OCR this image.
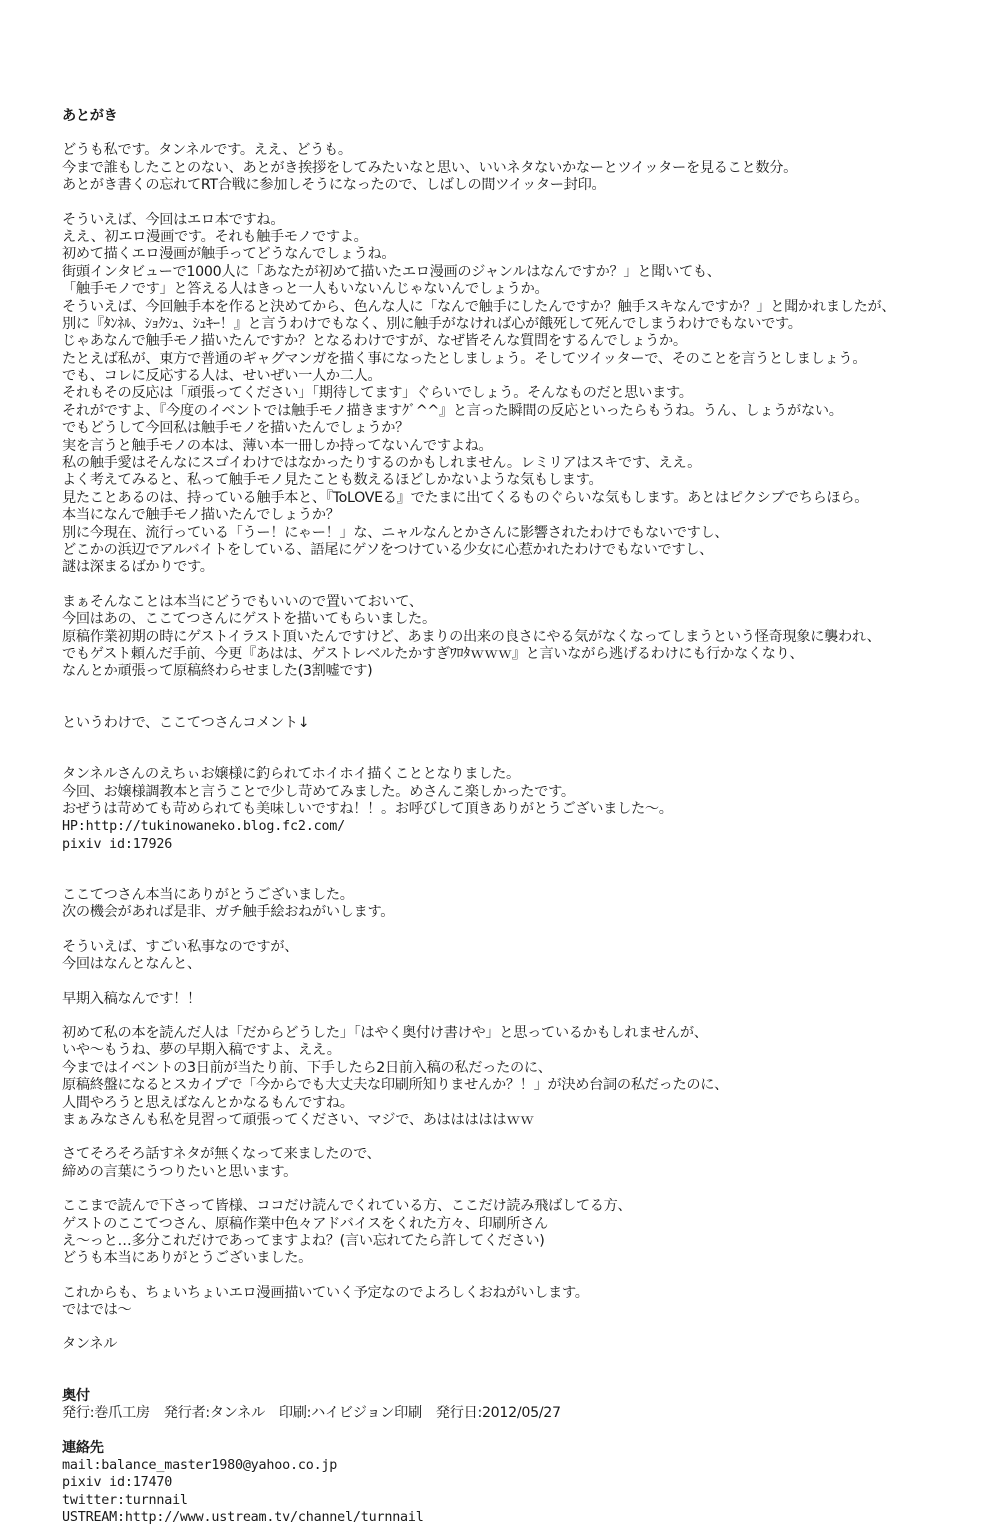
あとがき
どうも私です。タンネルです。ええ、どうも。
今まで誰もしたことのない、あとがき挨拶をしてみたいなと思い、いいネタないかなーとツイッターを見ること数分。
あとがき書くの忘れてRT合戦に参加しそうになったので、しばしの間ツイッター封印。
そういえば、今回はエロ本ですね。
ええ、初エロ漫画です。それも触手モノですよ。
初めて描くエロ漫画が触手ってどうなんでしょうね。
街頭インタビューで1000人に「あなたが初めて描いたエロ漫画のジャンルはなんですか？」と聞いても、
「触手モノです」と答える人はきっと一人もいないんじゃないんでしょうか。
そういえば、今回触手本を作ると決めてから、色んな人に「なんで触手にしたんですか？触手スキなんですか？」と聞かれましたが、
別に『ﾀﾝﾈﾙ、ｼｮｸｼｭ、ｼｭｷｰ！』と言うわけでもなく、別に触手がなければ心が餓死して死んでしまうわけでもないです。
じゃあなんで触手モノ描いたんですか？となるわけですが、なぜ皆そんな質問をするんでしょうか。
たとえば私が、東方で普通のギャグマンガを描く事になったとしましょう。そしてツイッターで、そのことを言うとしましょう。
でも、コレに反応する人は、せいぜい一人か二人。
それもその反応は「頑張ってください」「期待してます」ぐらいでしょう。そんなものだと思います。
それがですよ、『今度のイベントでは触手モノ描きますｸﾞ^^』と言った瞬間の反応といったらもうね。うん、しょうがない。
でもどうして今回私は触手モノを描いたんでしょうか？
実を言うと触手モノの本は、薄い本一冊しか持ってないんですよね。
私の触手愛はそんなにスゴイわけではなかったりするのかもしれません。レミリアはスキです、ええ。
よく考えてみると、私って触手モノ見たことも数えるほどしかないような気もします。
見たことあるのは、持っている触手本と、『ToLOVEる』でたまに出てくるものぐらいな気もします。あとはピクシブでちらほら。
本当になんで触手モノ描いたんでしょうか？
別に今現在、流行っている「うー！にゃー！」な、ニャルなんとかさんに影響されたわけでもないですし、
どこかの浜辺でアルバイトをしている、語尾にゲソをつけている少女に心惹かれたわけでもないですし、
謎は深まるばかりです。
まぁそんなことは本当にどうでもいいので置いておいて、
今回はあの、ここてつさんにゲストを描いてもらいました。
原稿作業初期の時にゲストイラスト頂いたんですけど、あまりの出来の良さにやる気がなくなってしまうという怪奇現象に襲われ、
でもゲスト頼んだ手前、今更『あはは、ゲストレベルたかすぎﾜﾛﾀｗｗｗ』と言いながら逃げるわけにも行かなくなり、
なんとか頑張って原稿終わらせました(3割嘘です)
というわけで、ここてつさんコメント↓
タンネルさんのえちぃお嬢様に釣られてホイホイ描くこととなりました。
今回、お嬢様調教本と言うことで少し苛めてみました。めさんこ楽しかったです。
おぜうは苛めても苛められても美味しいですね！！。お呼びして頂きありがとうございました〜。
HP:http://tukinowaneko.blog.fc2.com/
pixiv id:17926
ここてつさん本当にありがとうございました。
次の機会があれば是非、ガチ触手絵おねがいします。
そういえば、すごい私事なのですが、
今回はなんとなんと、
早期入稿なんです！！
初めて私の本を読んだ人は「だからどうした」「はやく奥付け書けや」と思っているかもしれませんが、
いや〜もうね、夢の早期入稿ですよ、ええ。
今まではイベントの3日前が当たり前、下手したら2日前入稿の私だったのに、
原稿終盤になるとスカイプで「今からでも大丈夫な印刷所知りませんか？！」が決め台詞の私だったのに、
人間やろうと思えばなんとかなるもんですね。
まぁみなさんも私を見習って頑張ってください、マジで、あはははははｗｗ
さてそろそろ話すネタが無くなって来ましたので、
締めの言葉にうつりたいと思います。
ここまで読んで下さって皆様、ココだけ読んでくれている方、ここだけ読み飛ばしてる方、
ゲストのここてつさん、原稿作業中色々アドバイスをくれた方々、印刷所さん
え〜っと…多分これだけであってますよね？(言い忘れてたら許してください)
どうも本当にありがとうございました。
これからも、ちょいちょいエロ漫画描いていく予定なのでよろしくおねがいします。
ではでは〜
タンネル
奥付
発行:巻爪工房　発行者:タンネル　印刷:ハイビジョン印刷　発行日:2012/05/27
連絡先
mail:balance_master1980@yahoo.co.jp
pixiv id:17470
twitter:turnnail
USTREAM:http://www.ustream.tv/channel/turnnail
